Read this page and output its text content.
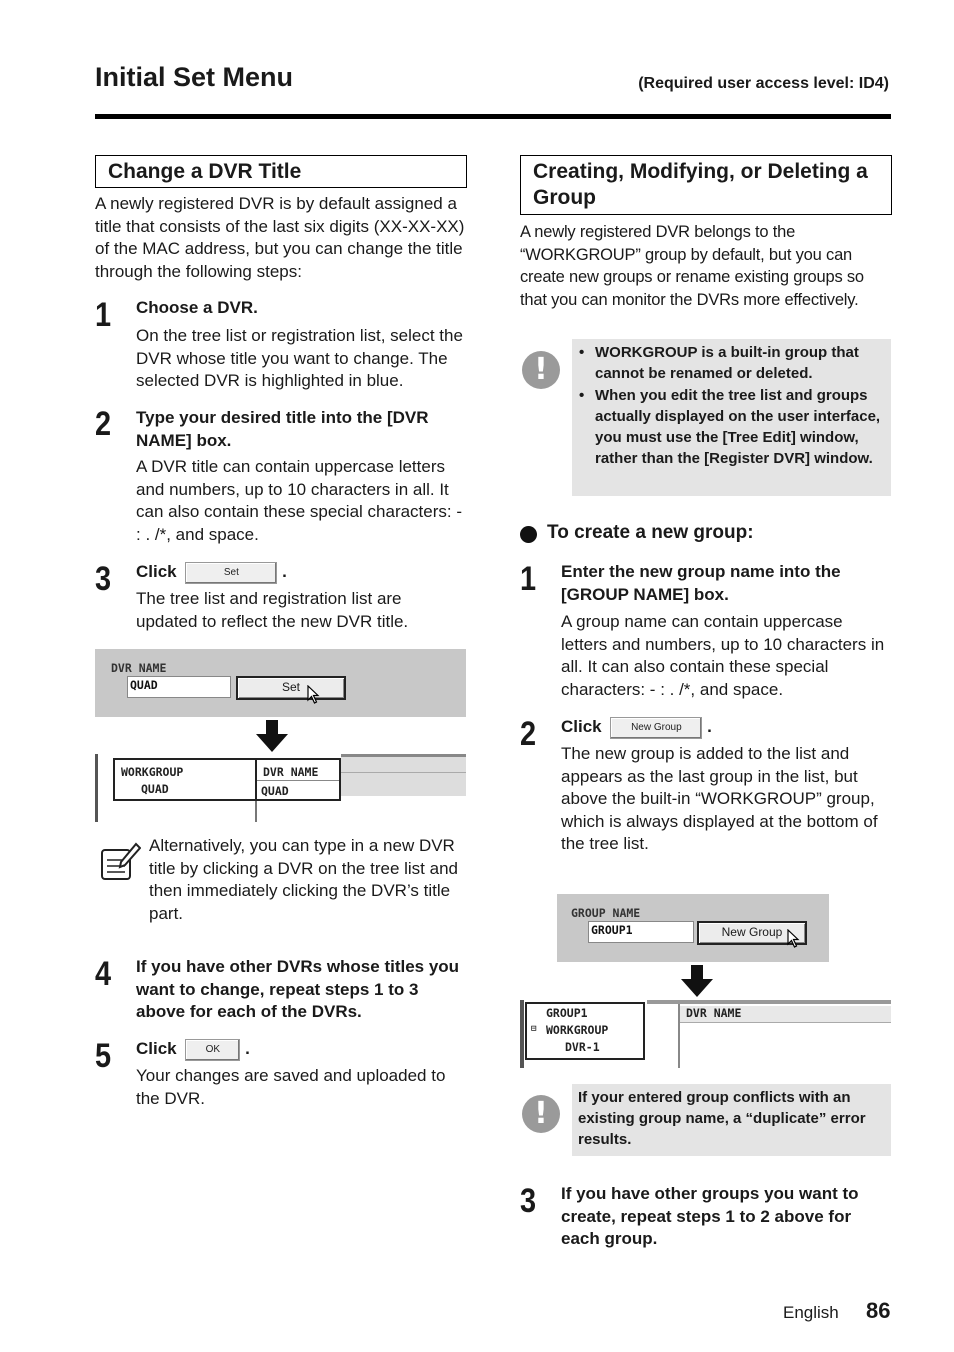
Initial Set Menu	(Required user access level: ID4)
Change a DVR Title
A newly registered DVR is by default assigned a title that consists of the last six digits (XX-XX-XX) of the MAC address, but you can change the title through the following steps:
1 Choose a DVR.
On the tree list or registration list, select the DVR whose title you want to change. The selected DVR is highlighted in blue.
2 Type your desired title into the [DVR NAME] box.
A DVR title can contain uppercase letters and numbers, up to 10 characters in all. It can also contain these special characters: - : . /*, and space.
3 Click	Set	.
The tree list and registration list are updated to reflect the new DVR title.
DVR NAME
QUAD	Set
WORKGROUP
QUAD
DVR NAME
QUAD
Alternatively, you can type in a new DVR title by clicking a DVR on the tree list and then immediately clicking the DVR’s title part.
4 If you have other DVRs whose titles you want to change, repeat steps 1 to 3 above for each of the DVRs.
5 Click	OK .
Your changes are saved and uploaded to the DVR.
Creating, Modifying, or Deleting a Group
A newly registered DVR belongs to the “WORKGROUP” group by default, but you can create new groups or rename existing groups so that you can monitor the DVRs more effectively.
!	• WORKGROUP is a built-in group that cannot be renamed or deleted.
• When you edit the tree list and groups actually displayed on the user interface, you must use the [Tree Edit] window, rather than the [Register DVR] window.
To create a new group:
1 Enter the new group name into the [GROUP NAME] box.
A group name can contain uppercase letters and numbers, up to 10 characters in all. It can also contain these special characters: - : . /*, and space.
2 Click	New Group .
The new group is added to the list and appears as the last group in the list, but above the built-in “WORKGROUP” group, which is always displayed at the bottom of the tree list.
GROUP NAME
GROUP1	New Group
DVR NAME
GROUP1
⊟ WORKGROUP
DVR-1
!	If your entered group conflicts with an existing group name, a “duplicate” error results.
3 If you have other groups you want to create, repeat steps 1 to 2 above for each group.
English 86
